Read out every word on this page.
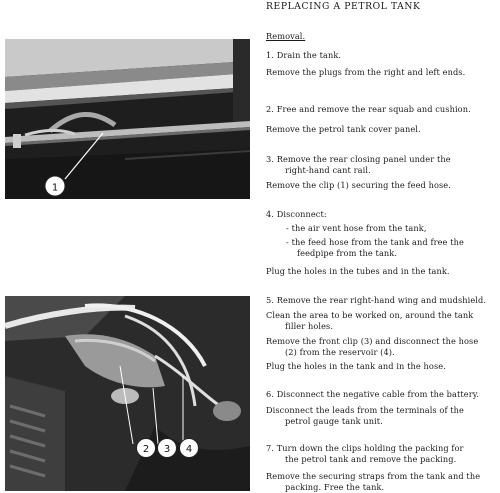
REPLACING A PETROL TANK
1
2 3 4
Removal.
1. Drain the tank.
Remove the plugs from the right and left ends.
2. Free and remove the rear squab and cushion.
Remove the petrol tank cover panel.
3. Remove the rear closing panel under the
right-hand cant rail.
Remove the clip (1) securing the feed hose.
4. Disconnect:
- the air vent hose from the tank,
- the feed hose from the tank and free the
feedpipe from the tank.
Plug the holes in the tubes and in the tank.
5. Remove the rear right-hand wing and mudshield.
Clean the area to be worked on, around the tank
filler holes.
Remove the front clip (3) and disconnect the hose
(2) from the reservoir (4).
Plug the holes in the tank and in the hose.
6. Disconnect the negative cable from the battery.
Disconnect the leads from the terminals of the
petrol gauge tank unit.
7. Turn down the clips holding the packing for
the petrol tank and remove the packing.
Remove the securing straps from the tank and the
packing. Free the tank.
